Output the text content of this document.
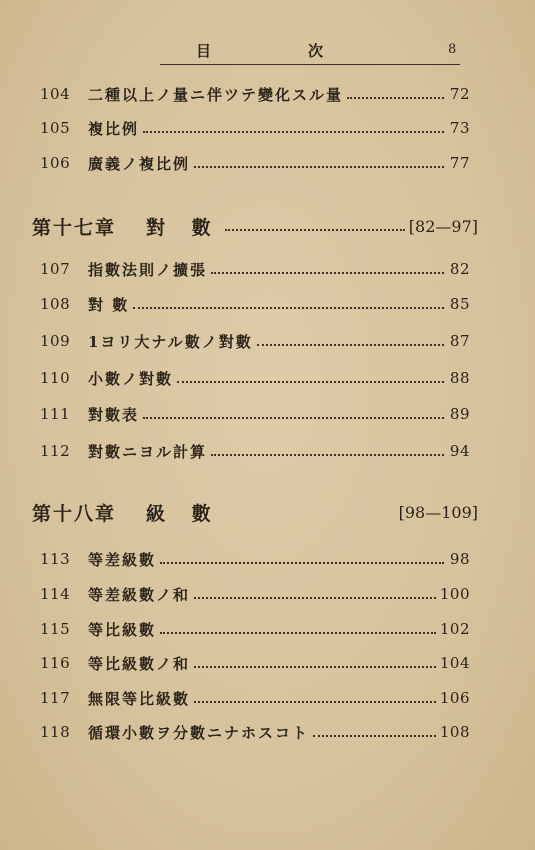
目	次	8
104	二種以上ノ量ニ伴ツテ變化スル量	72
105	複比例	73
106	廣義ノ複比例	77
第十七章 對 數	[82—97]
107	指數法則ノ擴張	82
108	對 數	85
109	1ヨリ大ナル數ノ對數	87
110	小數ノ對數	88
111	對數表	89
112	對數ニヨル計算	94
第十八章 級 數	[98—109]
113	等差級數	98
114	等差級數ノ和	100
115	等比級數	102
116	等比級數ノ和	104
117	無限等比級數	106
118	循環小數ヲ分數ニナホスコト	108
